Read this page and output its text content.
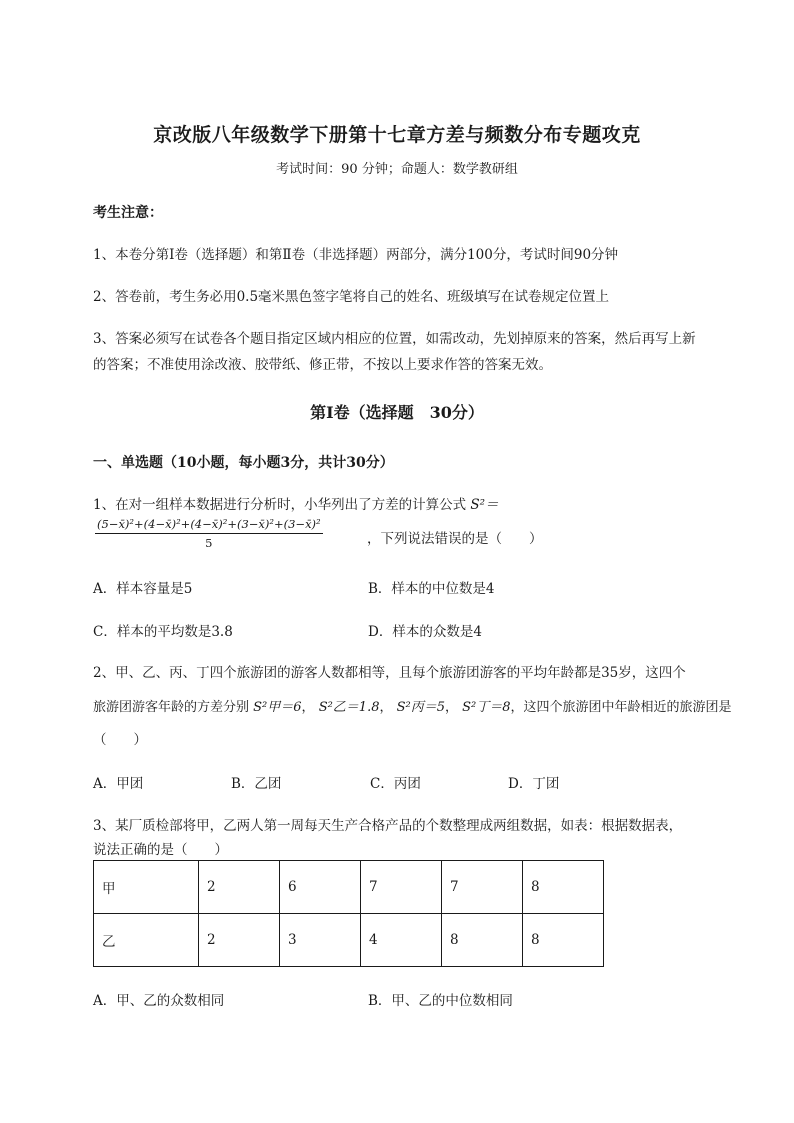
京改版八年级数学下册第十七章方差与频数分布专题攻克
考试时间：90 分钟；命题人：数学教研组
考生注意：
1、本卷分第Ⅰ卷（选择题）和第Ⅱ卷（非选择题）两部分，满分100分，考试时间90分钟
2、答卷前，考生务必用0.5毫米黑色签字笔将自己的姓名、班级填写在试卷规定位置上
3、答案必须写在试卷各个题目指定区域内相应的位置，如需改动，先划掉原来的答案，然后再写上新
的答案；不准使用涂改液、胶带纸、修正带，不按以上要求作答的答案无效。
第Ⅰ卷（选择题　30分）
一、单选题（10小题，每小题3分，共计30分）
1、在对一组样本数据进行分析时，小华列出了方差的计算公式 S²＝
$\frac{\text{(5−x̄)²+(4−x̄)²+(4−x̄)²+(3−x̄)²+(3−x̄)²}}{5}$	，下列说法错误的是（　　）
A．样本容量是5	B．样本的中位数是4
C．样本的平均数是3.8	D．样本的众数是4
2、甲、乙、丙、丁四个旅游团的游客人数都相等，且每个旅游团游客的平均年龄都是35岁，这四个
旅游团游客年龄的方差分别 S²甲＝6， S²乙＝1.8， S²丙＝5， S²丁＝8，这四个旅游团中年龄相近的旅游团是
（　　）
A．甲团	B．乙团	C．丙团	D．丁团
3、某厂质检部将甲，乙两人第一周每天生产合格产品的个数整理成两组数据，如表：根据数据表，
说法正确的是（　　）
甲	2	6	7	7	8
乙	2	3	4	8	8
A．甲、乙的众数相同	B．甲、乙的中位数相同
